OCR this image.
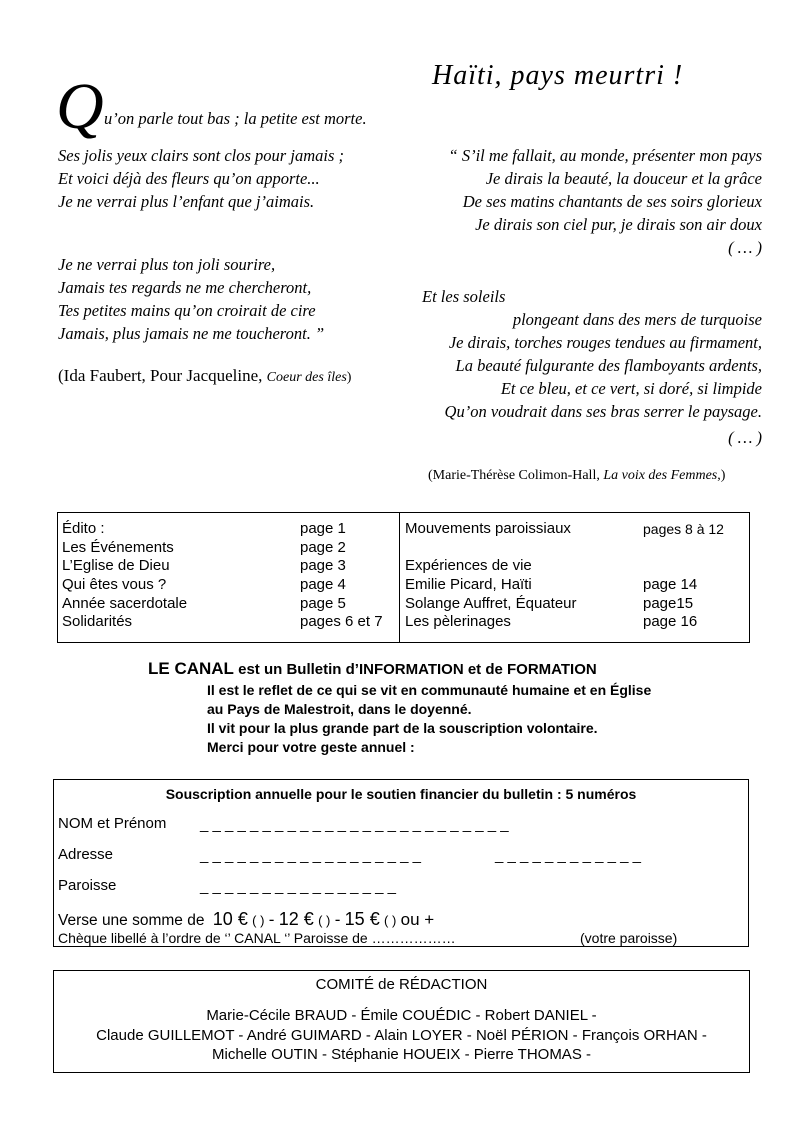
Q u’on parle tout bas ; la petite est morte.
Ses jolis yeux clairs sont clos pour jamais ;
Et voici déjà des fleurs qu’on apporte...
Je ne verrai plus l’enfant que j’aimais.
Je ne verrai plus ton joli sourire,
Jamais tes regards ne me chercheront,
Tes petites mains qu’on croirait de cire
Jamais, plus jamais ne me toucheront. ”
(Ida Faubert, Pour Jacqueline, Coeur des îles)
Haïti, pays meurtri !
“ S’il me fallait, au monde, présenter mon pays
Je dirais la beauté, la douceur et la grâce
De ses matins chantants de ses soirs glorieux
Je dirais son ciel pur, je dirais son air doux
( … )
Et les soleils
plongeant dans des mers de turquoise
Je dirais, torches rouges tendues au firmament,
La beauté fulgurante des flamboyants ardents,
Et ce bleu, et ce vert, si doré, si limpide
Qu’on voudrait dans ses bras serrer le paysage.
( … )
(Marie-Thérèse Colimon-Hall, La voix des Femmes,)
Édito :	page 1
Les Événements	page 2
L’Eglise de Dieu	page 3
Qui êtes vous ?	page 4
Année sacerdotale	page 5
Solidarités	pages 6 et 7
Mouvements paroissiaux	pages 8 à 12
Expériences de vie
Emilie Picard, Haïti	page 14
Solange Auffret, Équateur	page15
Les pèlerinages	page 16
LE CANAL est un Bulletin d’INFORMATION et de FORMATION
Il est le reflet de ce qui se vit en communauté humaine et en Église
au Pays de Malestroit, dans le doyenné.
Il vit pour la plus grande part de la souscription volontaire.
Merci pour votre geste annuel :
Souscription annuelle pour le soutien financier du bulletin : 5 numéros
NOM et Prénom _ _ _ _ _ _ _ _ _ _ _ _ _ _ _ _ _ _ _ _ _ _ _ _ _
Adresse	_ _ _ _ _ _ _ _ _ _ _ _ _ _ _ _ _ _	_ _ _ _ _ _ _ _ _ _ _ _
Paroisse	_ _ _ _ _ _ _ _ _ _ _ _ _ _ _ _
Verse une somme de 10 € ( ) - 12 € ( ) - 15 € ( ) ou +
Chèque libellé à l’ordre de ‘’ CANAL ‘’ Paroisse de ………………	(votre paroisse)
COMITÉ de RÉDACTION
Marie-Cécile BRAUD - Émile COUÉDIC - Robert DANIEL -
Claude GUILLEMOT - André GUIMARD - Alain LOYER - Noël PÉRION - François ORHAN -
Michelle OUTIN - Stéphanie HOUEIX - Pierre THOMAS -
